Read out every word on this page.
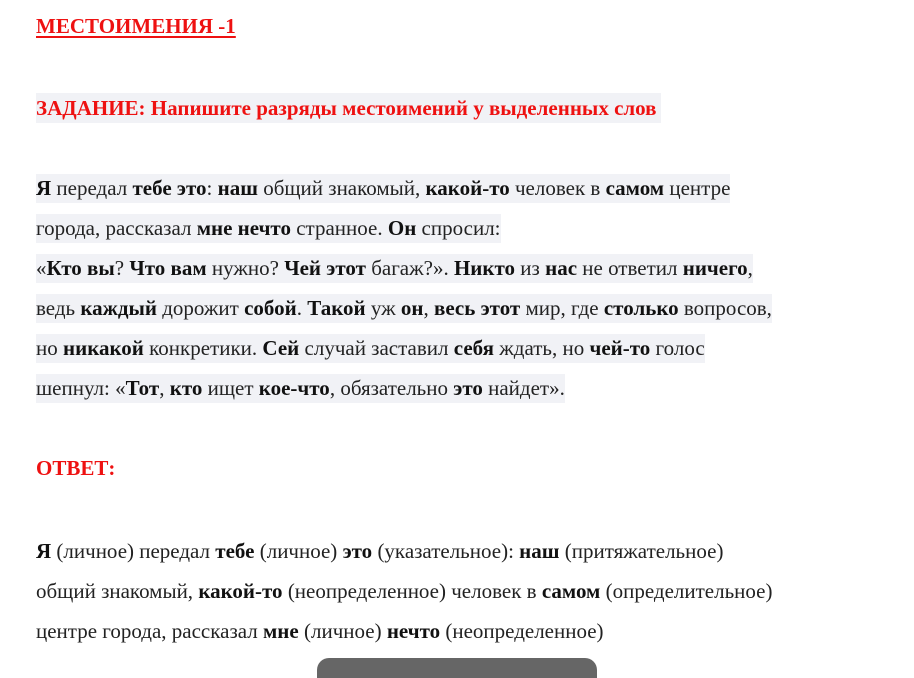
МЕСТОИМЕНИЯ -1
ЗАДАНИЕ: Напишите разряды местоимений у выделенных слов
Я передал тебе это: наш общий знакомый, какой-то человек в самом центре
города, рассказал мне нечто странное. Он спросил:
«Кто вы? Что вам нужно? Чей этот багаж?». Никто из нас не ответил ничего,
ведь каждый дорожит собой. Такой уж он, весь этот мир, где столько вопросов,
но никакой конкретики. Сей случай заставил себя ждать, но чей-то голос
шепнул: «Тот, кто ищет кое-что, обязательно это найдет».
ОТВЕТ:
Я (личное) передал тебе (личное) это (указательное): наш (притяжательное)
общий знакомый, какой-то (неопределенное) человек в самом (определительное)
центре города, рассказал мне (личное) нечто (неопределенное)
